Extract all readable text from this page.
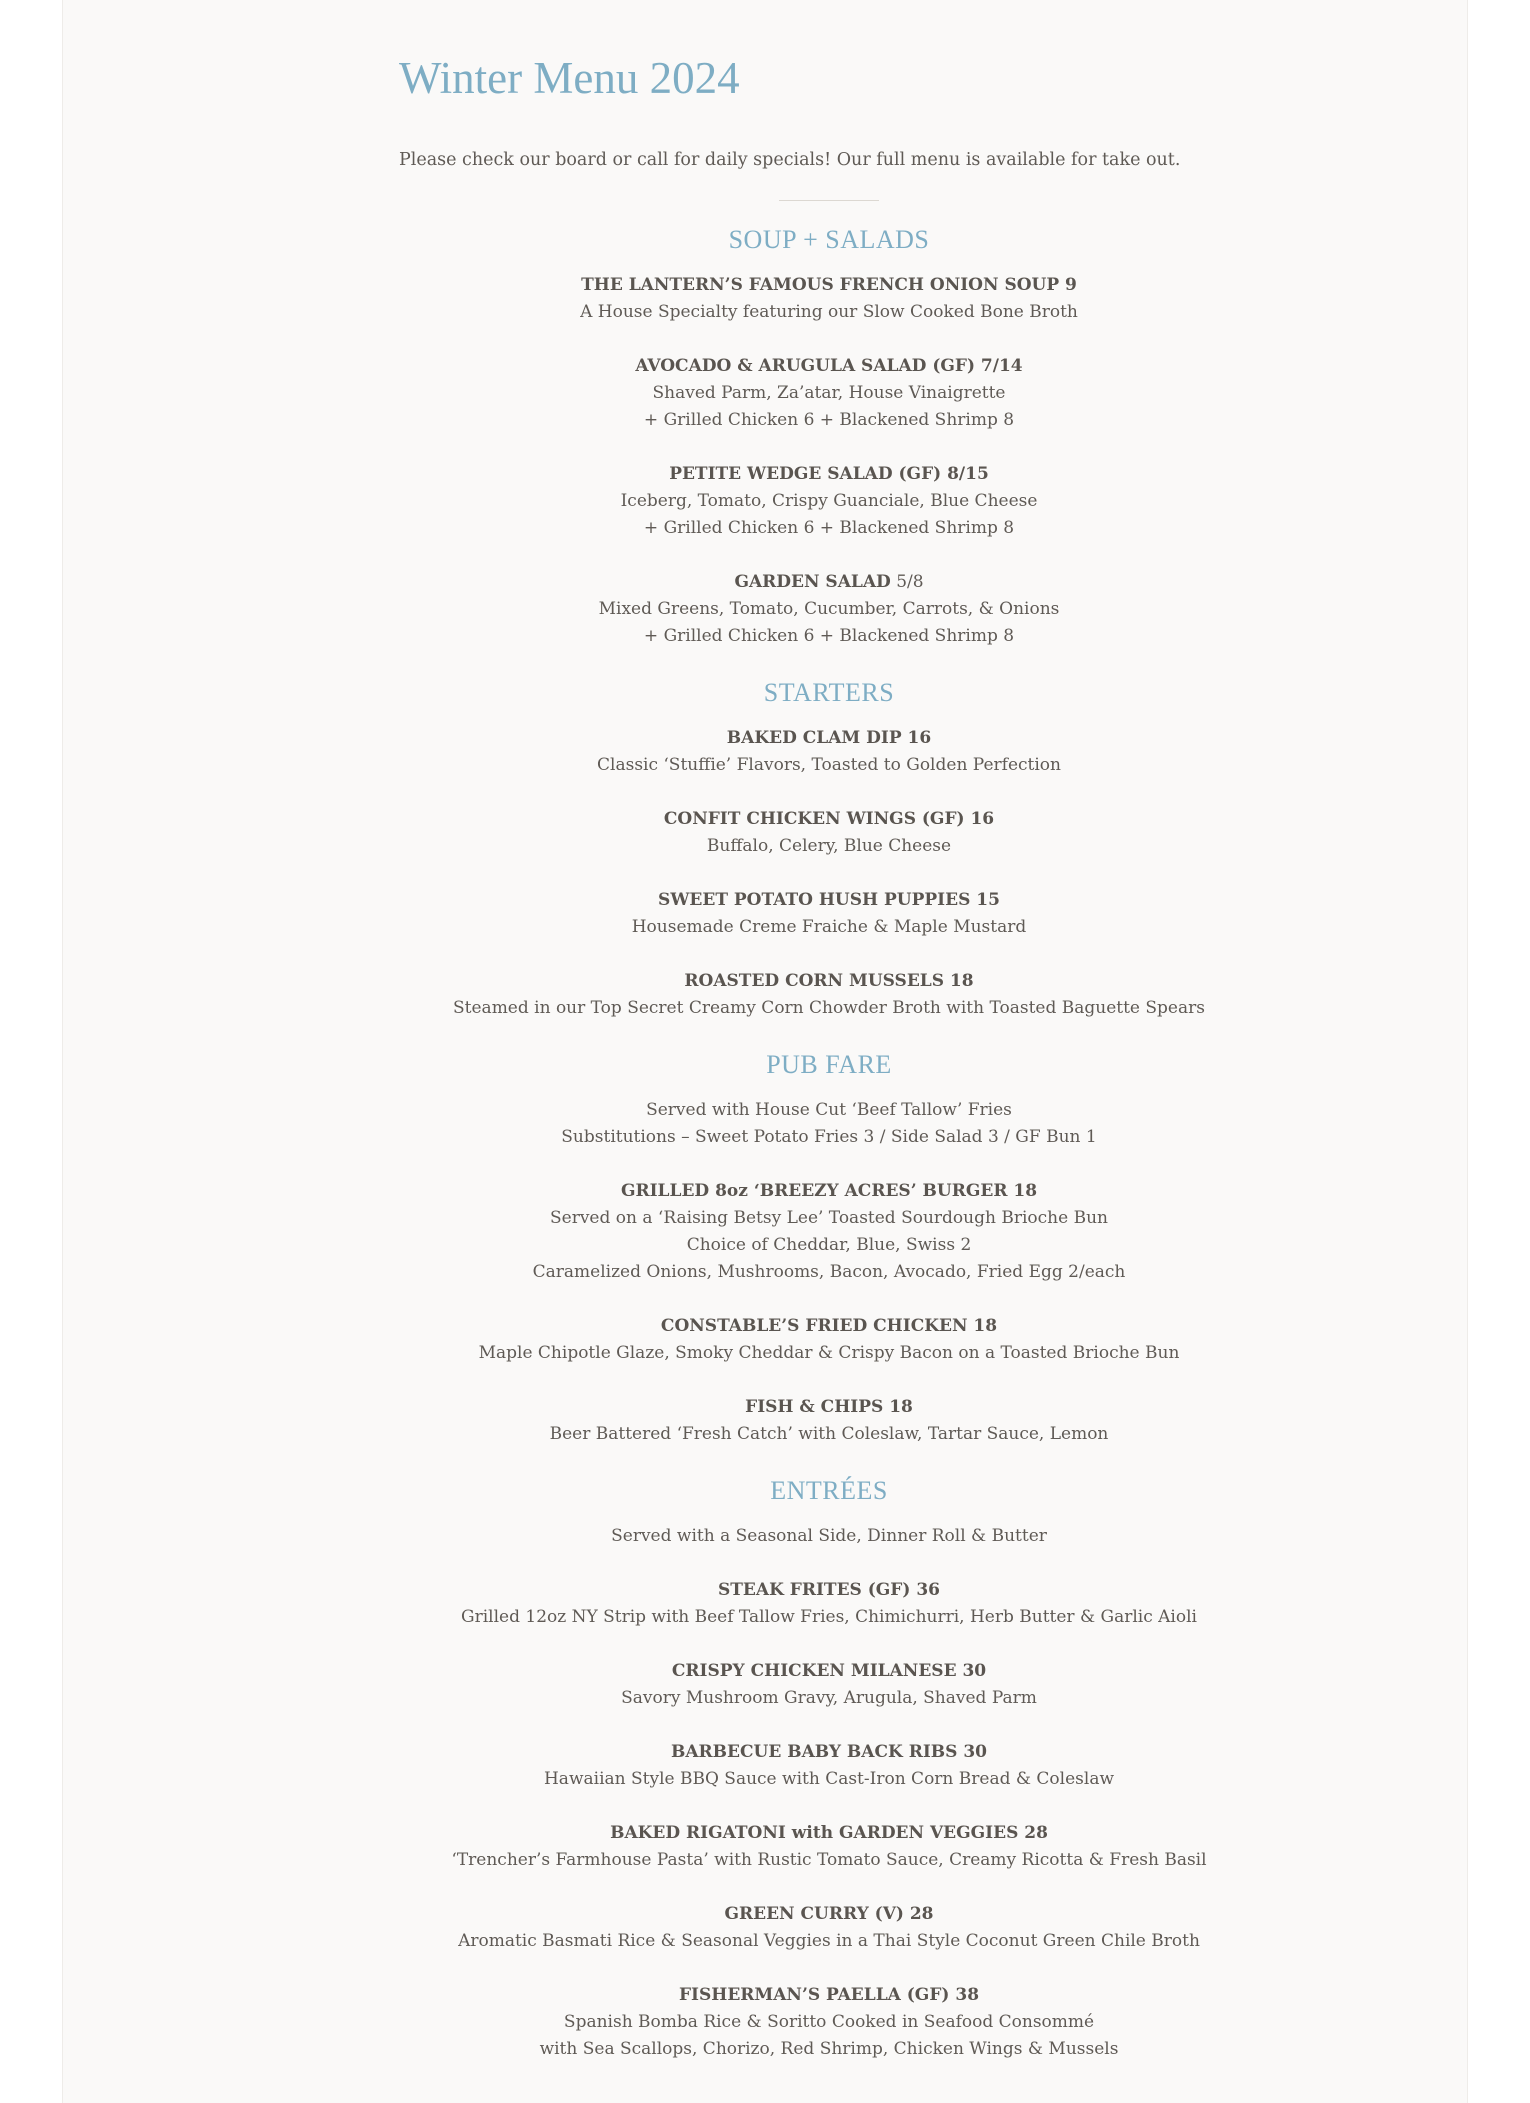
Winter Menu 2024

Please check our board or call for daily specials! Our full menu is available for take out.

SOUP + SALADS
THE LANTERN’S FAMOUS FRENCH ONION SOUP 9
A House Specialty featuring our Slow Cooked Bone Broth
AVOCADO & ARUGULA SALAD (GF) 7/14
Shaved Parm, Za’atar, House Vinaigrette
+ Grilled Chicken 6 + Blackened Shrimp 8
PETITE WEDGE SALAD (GF) 8/15
Iceberg, Tomato, Crispy Guanciale, Blue Cheese
+ Grilled Chicken 6 + Blackened Shrimp 8
GARDEN SALAD 5/8
Mixed Greens, Tomato, Cucumber, Carrots, & Onions
+ Grilled Chicken 6 + Blackened Shrimp 8
STARTERS
BAKED CLAM DIP 16
Classic ‘Stuffie’ Flavors, Toasted to Golden Perfection
CONFIT CHICKEN WINGS (GF) 16
Buffalo, Celery, Blue Cheese
SWEET POTATO HUSH PUPPIES 15
Housemade Creme Fraiche & Maple Mustard
ROASTED CORN MUSSELS 18
Steamed in our Top Secret Creamy Corn Chowder Broth with Toasted Baguette Spears
PUB FARE
Served with House Cut ‘Beef Tallow’ Fries
Substitutions – Sweet Potato Fries 3 / Side Salad 3 / GF Bun 1
GRILLED 8oz ‘BREEZY ACRES’ BURGER 18
Served on a ‘Raising Betsy Lee’ Toasted Sourdough Brioche Bun
Choice of Cheddar, Blue, Swiss 2
Caramelized Onions, Mushrooms, Bacon, Avocado, Fried Egg 2/each
CONSTABLE’S FRIED CHICKEN 18
Maple Chipotle Glaze, Smoky Cheddar & Crispy Bacon on a Toasted Brioche Bun
FISH & CHIPS 18
Beer Battered ‘Fresh Catch’ with Coleslaw, Tartar Sauce, Lemon
ENTRÉES
Served with a Seasonal Side, Dinner Roll & Butter
STEAK FRITES (GF) 36
Grilled 12oz NY Strip with Beef Tallow Fries, Chimichurri, Herb Butter & Garlic Aioli
CRISPY CHICKEN MILANESE 30
Savory Mushroom Gravy, Arugula, Shaved Parm
BARBECUE BABY BACK RIBS 30
Hawaiian Style BBQ Sauce with Cast-Iron Corn Bread & Coleslaw
BAKED RIGATONI with GARDEN VEGGIES 28
‘Trencher’s Farmhouse Pasta’ with Rustic Tomato Sauce, Creamy Ricotta & Fresh Basil
GREEN CURRY (V) 28
Aromatic Basmati Rice & Seasonal Veggies in a Thai Style Coconut Green Chile Broth
FISHERMAN’S PAELLA (GF) 38
Spanish Bomba Rice & Soritto Cooked in Seafood Consommé
with Sea Scallops, Chorizo, Red Shrimp, Chicken Wings & Mussels
